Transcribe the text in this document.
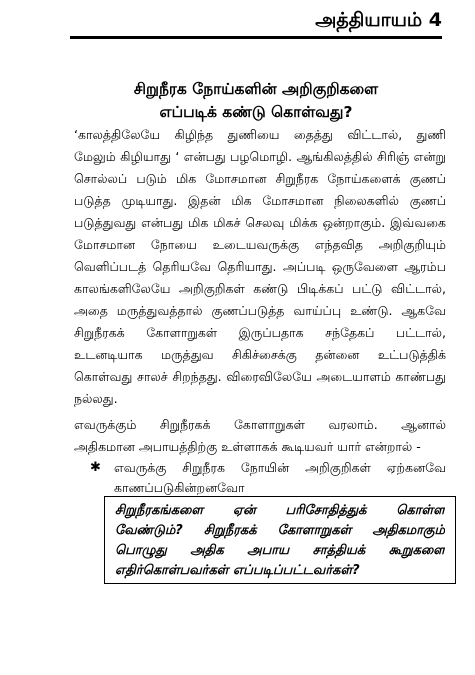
அத்தியாயம் 4
சிறுநீரக நோய்களின் அறிகுறிகளை
எப்படிக் கண்டு கொள்வது?
‘காலத்திலேயே கிழிந்த துணியை தைத்து விட்டால், துணி
மேலும் கிழியாது ‘ என்பது பழமொழி. ஆங்கிலத்தில் சிரிஞ் என்று
சொல்லப் படும் மிக மோசமான சிறுநீரக நோய்களைக் குணப்
படுத்த முடியாது. இதன் மிக மோசமான நிலைகளில் குணப்
படுத்துவது என்பது மிக மிகச் செலவு மிக்க ஒன்றாகும். இவ்வகை
மோசமான நோயை உடையவருக்கு எந்தவித அறிகுறியும்
வெளிப்படத் தெரியவே தெரியாது. அப்படி ஒருவேளை ஆரம்ப
காலங்களிலேயே அறிகுறிகள் கண்டு பிடிக்கப் பட்டு விட்டால்,
அதை மருத்துவத்தால் குணப்படுத்த வாய்ப்பு உண்டு. ஆகவே
சிறுநீரகக் கோளாறுகள் இருப்பதாக சந்தேகப் பட்டால்,
உடனடியாக மருத்துவ சிகிச்சைக்கு தன்னை உட்படுத்திக்
கொள்வது சாலச் சிறந்தது. விரைவிலேயே அடையாளம் காண்பது
நல்லது.
எவருக்கும் சிறுநீரகக் கோளாறுகள் வரலாம். ஆனால்
அதிகமான அபாயத்திற்கு உள்ளாகக் கூடியவர் யார் என்றால் -
✱ எவருக்கு சிறுநீரக நோயின் அறிகுறிகள் ஏற்கனவே
காணப்படுகின்றனவோ
சிறுநீரகங்களை ஏன் பரிசோதித்துக் கொள்ள
வேண்டும்? சிறுநீரகக் கோளாறுகள் அதிகமாகும்
பொழுது அதிக அபாய சாத்தியக் கூறுகளை
எதிர்கொள்பவர்கள் எப்படிப்பட்டவர்கள்?
